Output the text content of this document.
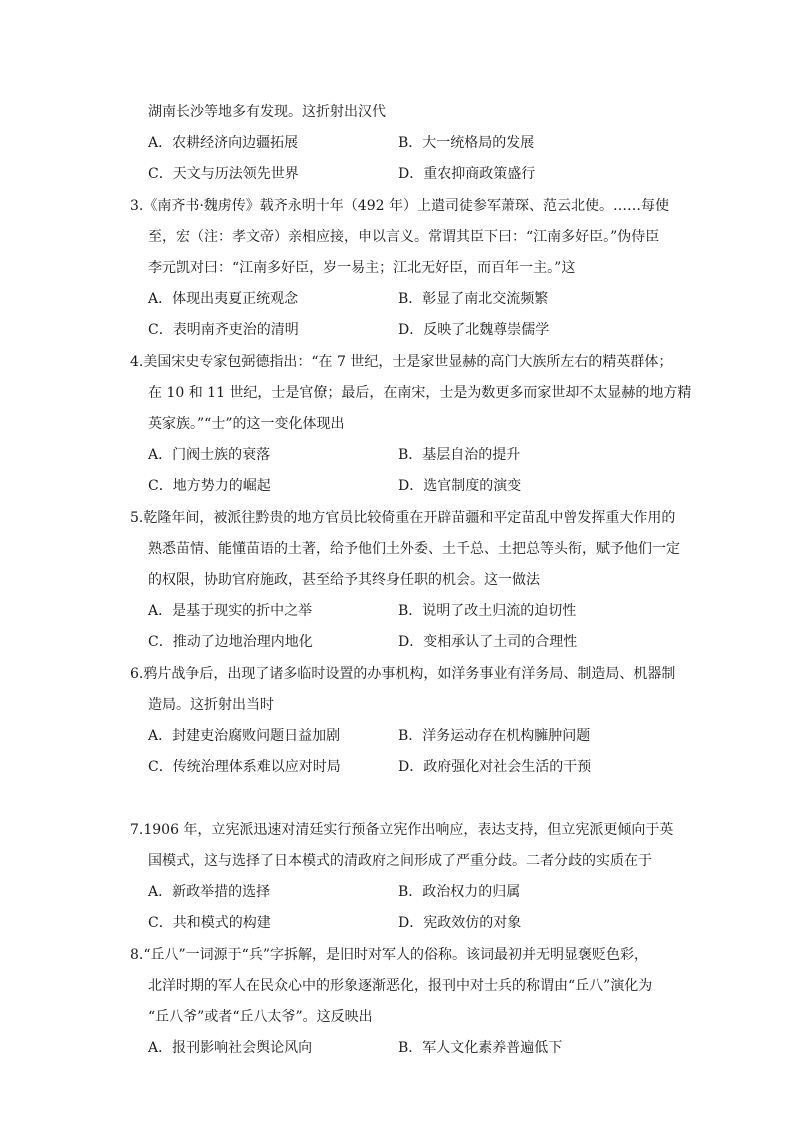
湖南长沙等地多有发现。这折射出汉代
A．农耕经济向边疆拓展	B．大一统格局的发展
C．天文与历法领先世界	D．重农抑商政策盛行
3.《南齐书·魏虏传》载齐永明十年（492 年）上遣司徒参军萧琛、范云北使。……每使
至，宏（注：孝文帝）亲相应接，申以言义。常谓其臣下曰：“江南多好臣。”伪侍臣
李元凯对曰：“江南多好臣，岁一易主；江北无好臣，而百年一主。”这
A．体现出夷夏正统观念	B．彰显了南北交流频繁
C．表明南齐吏治的清明	D．反映了北魏尊崇儒学
4.美国宋史专家包弼德指出：“在 7 世纪，士是家世显赫的高门大族所左右的精英群体；
在 10 和 11 世纪，士是官僚；最后，在南宋，士是为数更多而家世却不太显赫的地方精
英家族。”“士”的这一变化体现出
A．门阀士族的衰落	B．基层自治的提升
C．地方势力的崛起	D．选官制度的演变
5.乾隆年间，被派往黔贵的地方官员比较倚重在开辟苗疆和平定苗乱中曾发挥重大作用的
熟悉苗情、能懂苗语的土著，给予他们土外委、土千总、土把总等头衔，赋予他们一定
的权限，协助官府施政，甚至给予其终身任职的机会。这一做法
A．是基于现实的折中之举	B．说明了改土归流的迫切性
C．推动了边地治理内地化	D．变相承认了土司的合理性
6.鸦片战争后，出现了诸多临时设置的办事机构，如洋务事业有洋务局、制造局、机器制
造局。这折射出当时
A．封建吏治腐败问题日益加剧	B．洋务运动存在机构臃肿问题
C．传统治理体系难以应对时局	D．政府强化对社会生活的干预
7.1906 年，立宪派迅速对清廷实行预备立宪作出响应，表达支持，但立宪派更倾向于英
国模式，这与选择了日本模式的清政府之间形成了严重分歧。二者分歧的实质在于
A．新政举措的选择	B．政治权力的归属
C．共和模式的构建	D．宪政效仿的对象
8.“丘八”一词源于“兵”字拆解，是旧时对军人的俗称。该词最初并无明显褒贬色彩，
北洋时期的军人在民众心中的形象逐渐恶化，报刊中对士兵的称谓由“丘八”演化为
“丘八爷”或者“丘八太爷”。这反映出
A．报刊影响社会舆论风向	B．军人文化素养普遍低下
